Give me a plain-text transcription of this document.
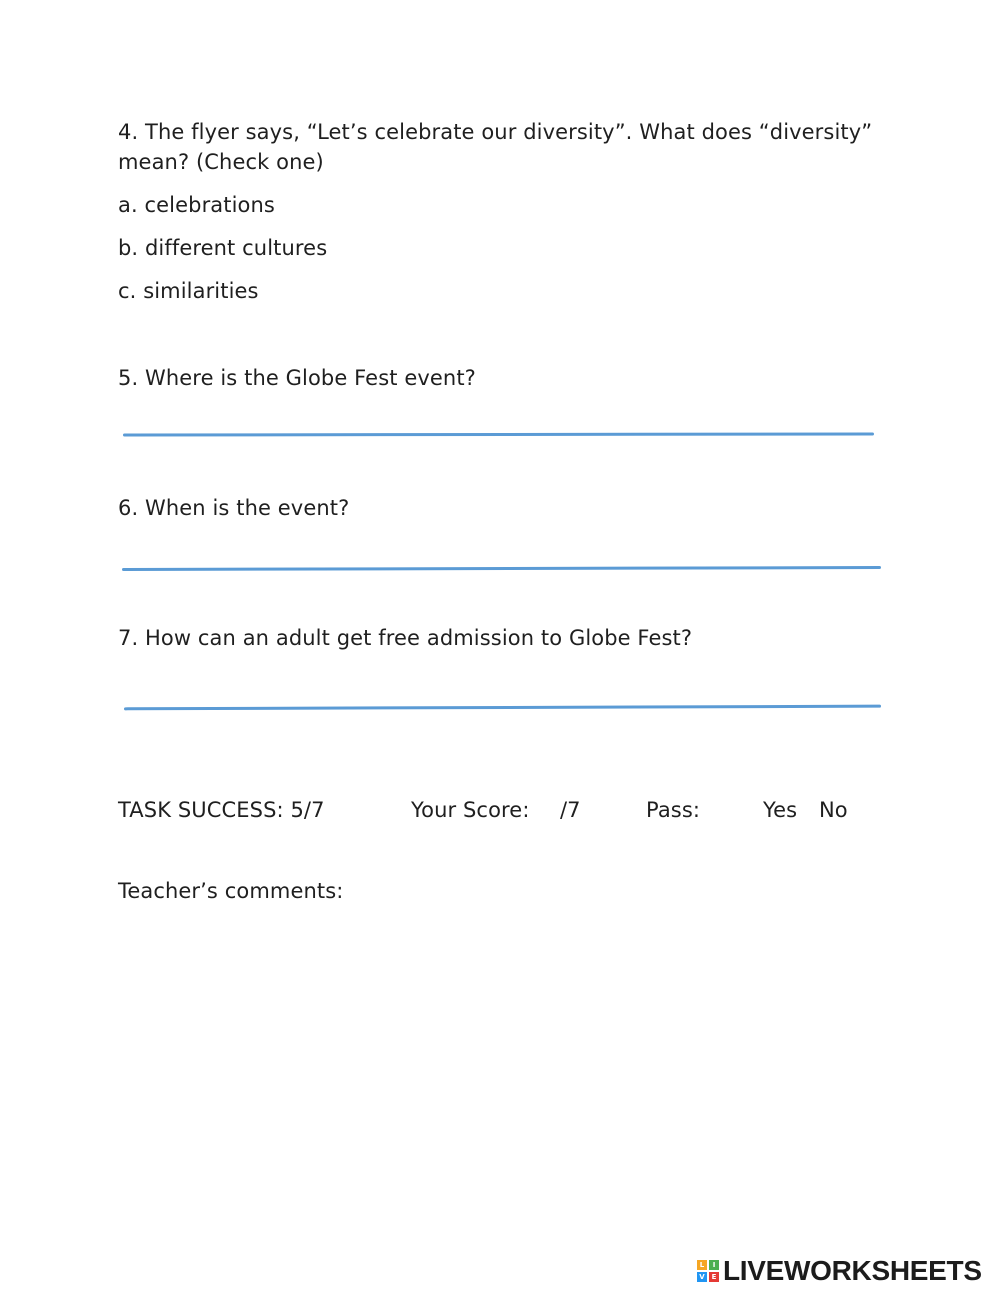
4. The flyer says, “Let’s celebrate our diversity”. What does “diversity”
mean? (Check one)
a. celebrations
b. different cultures
c. similarities
5. Where is the Globe Fest event?
6. When is the event?
7. How can an adult get free admission to Globe Fest?
TASK SUCCESS: 5/7	Your Score: /7	Pass:	Yes No
Teacher’s comments:
L	I
V E LIVEWORKSHEETS
